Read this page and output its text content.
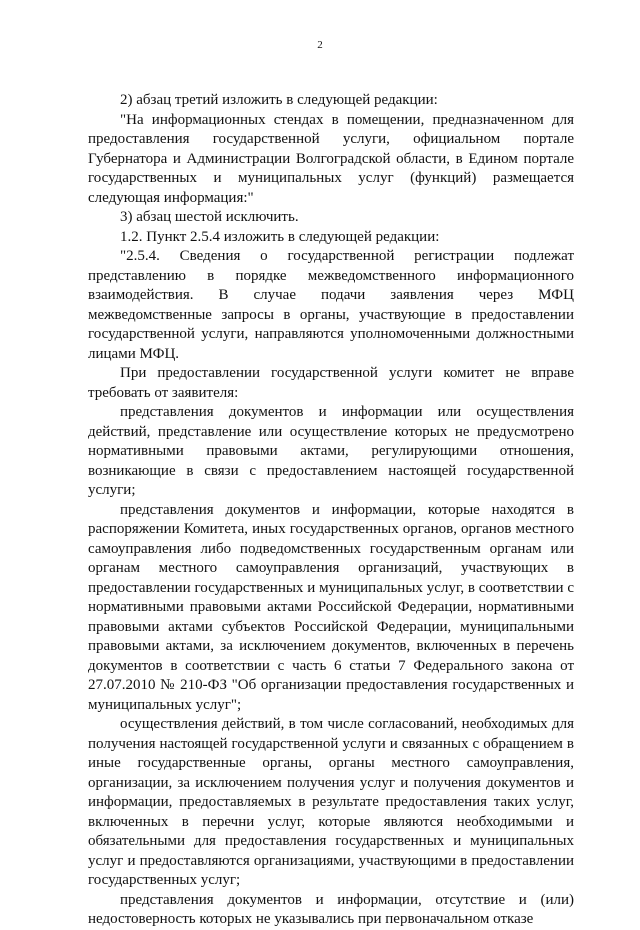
2

2) абзац третий изложить в следующей редакции:

"На информационных стендах в помещении, предназначенном для предоставления государственной услуги, официальном портале Губернатора и Администрации Волгоградской области, в Едином портале государственных и муниципальных услуг (функций) размещается следующая информация:"

3) абзац шестой исключить.

1.2. Пункт 2.5.4 изложить в следующей редакции:

"2.5.4. Сведения о государственной регистрации подлежат представлению в порядке межведомственного информационного взаимодействия. В случае подачи заявления через МФЦ межведомственные запросы в органы, участвующие в предоставлении государственной услуги, направляются уполномоченными должностными лицами МФЦ.

При предоставлении государственной услуги комитет не вправе требовать от заявителя:

представления документов и информации или осуществления действий, представление или осуществление которых не предусмотрено нормативными правовыми актами, регулирующими отношения, возникающие в связи с предоставлением настоящей государственной услуги;

представления документов и информации, которые находятся в распоряжении Комитета, иных государственных органов, органов местного самоуправления либо подведомственных государственным органам или органам местного самоуправления организаций, участвующих в предоставлении государственных и муниципальных услуг, в соответствии с нормативными правовыми актами Российской Федерации, нормативными правовыми актами субъектов Российской Федерации, муниципальными правовыми актами, за исключением документов, включенных в перечень документов в соответствии с часть 6 статьи 7 Федерального закона от 27.07.2010 № 210-ФЗ "Об организации предоставления государственных и муниципальных услуг";

осуществления действий, в том числе согласований, необходимых для получения настоящей государственной услуги и связанных с обращением в иные государственные органы, органы местного самоуправления, организации, за исключением получения услуг и получения документов и информации, предоставляемых в результате предоставления таких услуг, включенных в перечни услуг, которые являются необходимыми и обязательными для предоставления государственных и муниципальных услуг и предоставляются организациями, участвующими в предоставлении государственных услуг;

представления документов и информации, отсутствие и (или) недостоверность которых не указывались при первоначальном отказе
